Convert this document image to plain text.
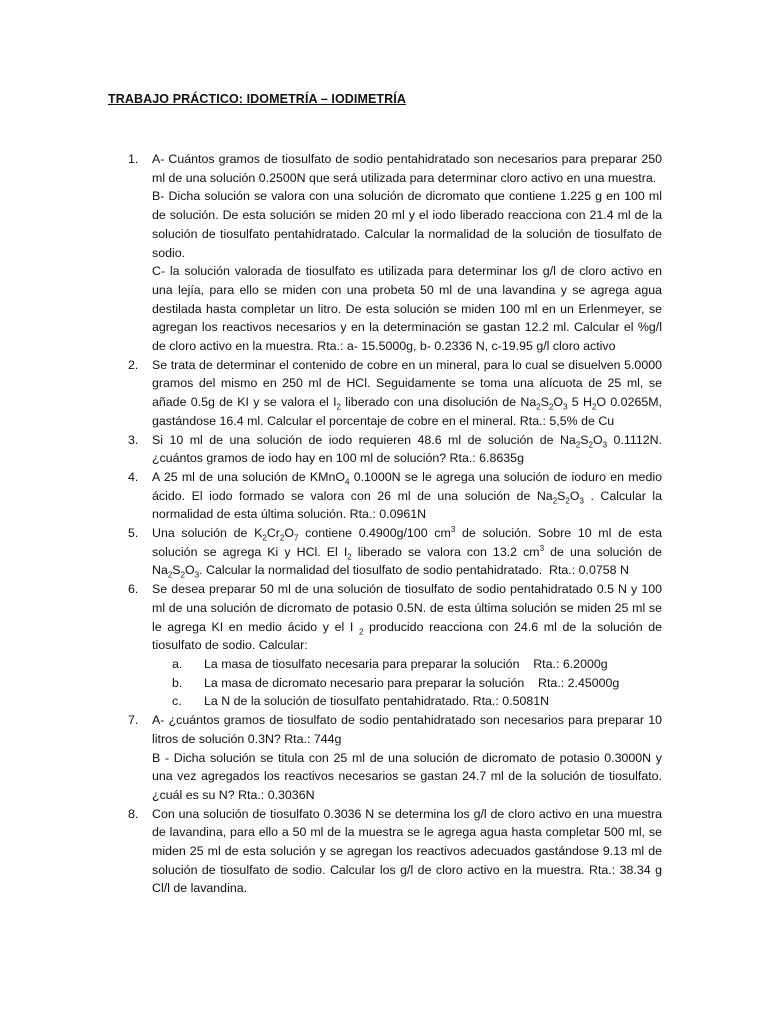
TRABAJO PRÁCTICO: IDOMETRÍA – IODIMETRÍA
1.	A- Cuántos gramos de tiosulfato de sodio pentahidratado son necesarios para preparar 250 ml de una solución 0.2500N que será utilizada para determinar cloro activo en una muestra.
B- Dicha solución se valora con una solución de dicromato que contiene 1.225 g en 100 ml de solución. De esta solución se miden 20 ml y el iodo liberado reacciona con 21.4 ml de la solución de tiosulfato pentahidratado. Calcular la normalidad de la solución de tiosulfato de sodio.
C- la solución valorada de tiosulfato es utilizada para determinar los g/l de cloro activo en una lejía, para ello se miden con una probeta 50 ml de una lavandina y se agrega agua destilada hasta completar un litro. De esta solución se miden 100 ml en un Erlenmeyer, se agregan los reactivos necesarios y en la determinación se gastan 12.2 ml. Calcular el %g/l de cloro activo en la muestra. Rta.: a- 15.5000g, b- 0.2336 N, c-19.95 g/l cloro activo
2.	Se trata de determinar el contenido de cobre en un mineral, para lo cual se disuelven 5.0000 gramos del mismo en 250 ml de HCl. Seguidamente se toma una alícuota de 25 ml, se añade 0.5g de KI y se valora el $I_2$ liberado con una disolución de $Na_2S_2O_3$ 5 $H_2O$ 0.0265M, gastándose 16.4 ml. Calcular el porcentaje de cobre en el mineral. Rta.: 5,5% de Cu
3.	Si 10 ml de una solución de iodo requieren 48.6 ml de solución de $Na_2S_2O_3$ 0.1112N. ¿cuántos gramos de iodo hay en 100 ml de solución? Rta.: 6.8635g
4.	A 25 ml de una solución de KMnO$_4$ 0.1000N se le agrega una solución de ioduro en medio ácido. El iodo formado se valora con 26 ml de una solución de $Na_2S_2O_3$ . Calcular la normalidad de esta última solución. Rta.: 0.0961N
5.	Una solución de $K_2Cr_2O_7$ contiene 0.4900g/100 $cm^3$ de solución. Sobre 10 ml de esta solución se agrega Ki y HCl. El $I_2$ liberado se valora con 13.2 $cm^3$ de una solución de $Na_2S_2O_3$. Calcular la normalidad del tiosulfato de sodio pentahidratado.  Rta.: 0.0758 N
6.	Se desea preparar 50 ml de una solución de tiosulfato de sodio pentahidratado 0.5 N y 100 ml de una solución de dicromato de potasio 0.5N. de esta última solución se miden 25 ml se le agrega KI en medio ácido y el I $_2$ producido reacciona con 24.6 ml de la solución de tiosulfato de sodio. Calcular:
a.	La masa de tiosulfato necesaria para preparar la solución    Rta.: 6.2000g
b.	La masa de dicromato necesario para preparar la solución    Rta.: 2.45000g
c.	La N de la solución de tiosulfato pentahidratado. Rta.: 0.5081N
7.	A- ¿cuántos gramos de tiosulfato de sodio pentahidratado son necesarios para preparar 10 litros de solución 0.3N? Rta.: 744g
B - Dicha solución se titula con 25 ml de una solución de dicromato de potasio 0.3000N y una vez agregados los reactivos necesarios se gastan 24.7 ml de la solución de tiosulfato. ¿cuál es su N? Rta.: 0.3036N
8.	Con una solución de tiosulfato 0.3036 N se determina los g/l de cloro activo en una muestra de lavandina, para ello a 50 ml de la muestra se le agrega agua hasta completar 500 ml, se miden 25 ml de esta solución y se agregan los reactivos adecuados gastándose 9.13 ml de solución de tiosulfato de sodio. Calcular los g/l de cloro activo en la muestra. Rta.: 38.34 g Cl/l de lavandina.
